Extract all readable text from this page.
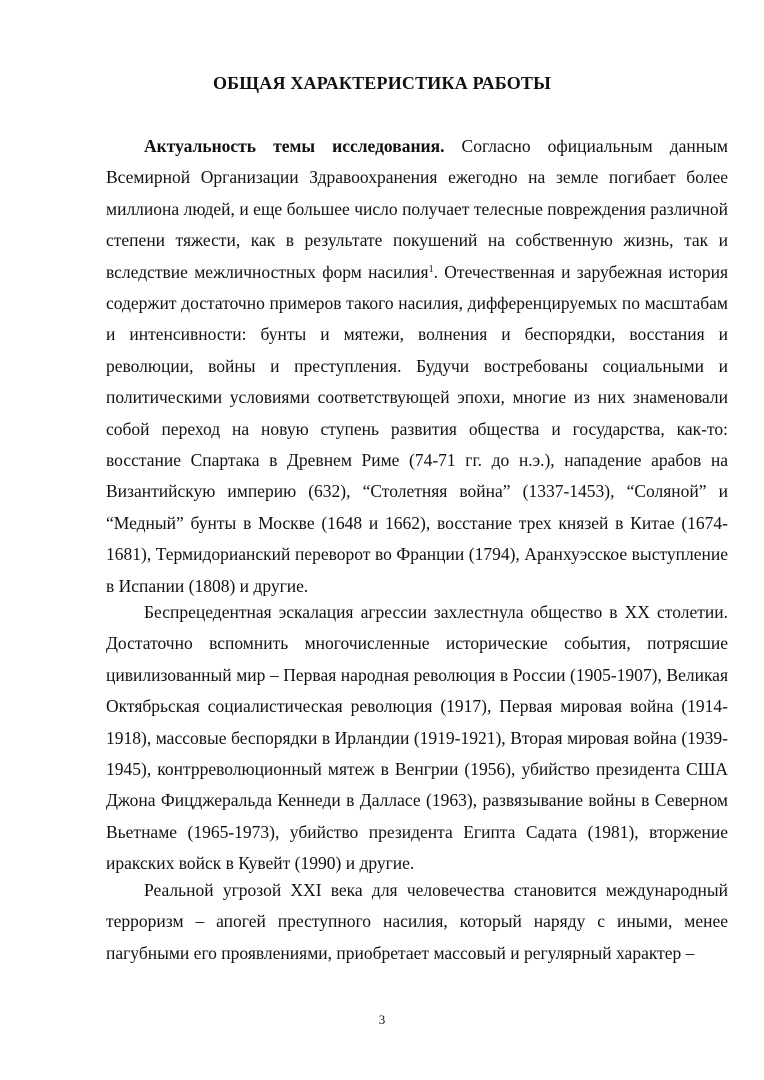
ОБЩАЯ ХАРАКТЕРИСТИКА РАБОТЫ

Актуальность темы исследования. Согласно официальным данным Всемирной Организации Здравоохранения ежегодно на земле погибает более миллиона людей, и еще большее число получает телесные повреждения различной степени тяжести, как в результате покушений на собственную жизнь, так и вследствие межличностных форм насилия$^1$. Отечественная и зарубежная история содержит достаточно примеров такого насилия, дифференцируемых по масштабам и интенсивности: бунты и мятежи, волнения и беспорядки, восстания и революции, войны и преступления. Будучи востребованы социальными и политическими условиями соответствующей эпохи, многие из них знаменовали собой переход на новую ступень развития общества и государства, как-то: восстание Спартака в Древнем Риме (74-71 гг. до н.э.), нападение арабов на Византийскую империю (632), “Столетняя война” (1337-1453), “Соляной” и “Медный” бунты в Москве (1648 и 1662), восстание трех князей в Китае (1674-1681), Термидорианский переворот во Франции (1794), Аранхуэсское выступление в Испании (1808) и другие.

Беспрецедентная эскалация агрессии захлестнула общество в XX столетии. Достаточно вспомнить многочисленные исторические события, потрясшие цивилизованный мир – Первая народная революция в России (1905-1907), Великая Октябрьская социалистическая революция (1917), Первая мировая война (1914-1918), массовые беспорядки в Ирландии (1919-1921), Вторая мировая война (1939-1945), контрреволюционный мятеж в Венгрии (1956), убийство президента США Джона Фицджеральда Кеннеди в Далласе (1963), развязывание войны в Северном Вьетнаме (1965-1973), убийство президента Египта Садата (1981), вторжение иракских войск в Кувейт (1990) и другие.

Реальной угрозой XXI века для человечества становится международный терроризм – апогей преступного насилия, который наряду с иными, менее пагубными его проявлениями, приобретает массовый и регулярный характер –

3
